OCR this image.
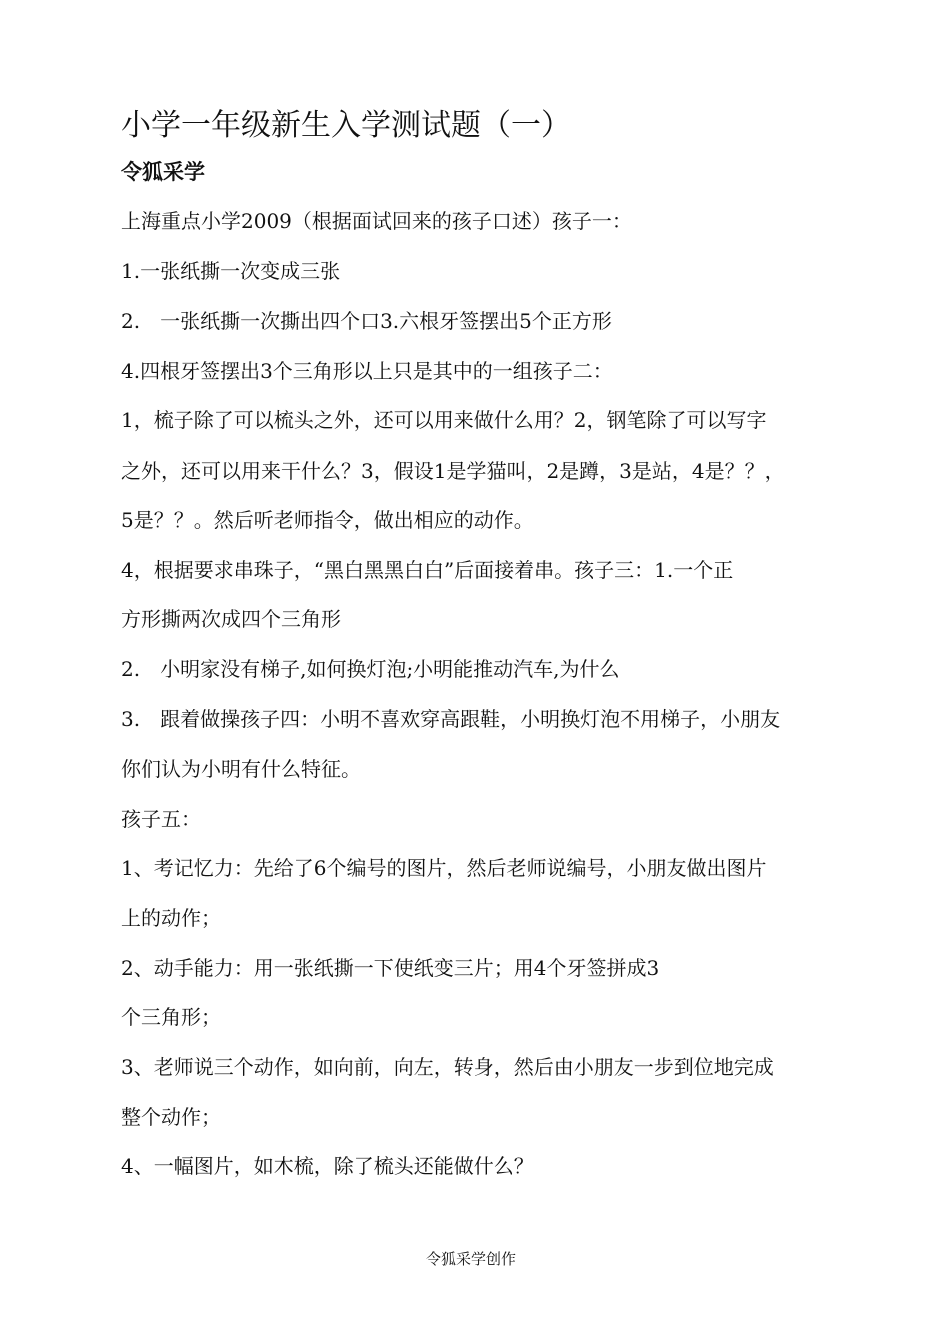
小学一年级新生入学测试题（一）
令狐采学

上海重点小学2009（根据面试回来的孩子口述）孩子一：

1.一张纸撕一次变成三张

2.　一张纸撕一次撕出四个口3.六根牙签摆出5个正方形

4.四根牙签摆出3个三角形以上只是其中的一组孩子二：

1，梳子除了可以梳头之外，还可以用来做什么用？2，钢笔除了可以写字

之外，还可以用来干什么？3，假设1是学猫叫，2是蹲，3是站，4是？？，

5是？？。然后听老师指令，做出相应的动作。

4，根据要求串珠子，“黑白黑黑白白”后面接着串。孩子三：1.一个正

方形撕两次成四个三角形

2.　小明家没有梯子,如何换灯泡;小明能推动汽车,为什么

3.　跟着做操孩子四：小明不喜欢穿高跟鞋，小明换灯泡不用梯子，小朋友

你们认为小明有什么特征。

孩子五：

1、考记忆力：先给了6个编号的图片，然后老师说编号，小朋友做出图片

上的动作；

2、动手能力：用一张纸撕一下使纸变三片；用4个牙签拼成3

个三角形；

3、老师说三个动作，如向前，向左，转身，然后由小朋友一步到位地完成

整个动作；

4、一幅图片，如木梳，除了梳头还能做什么？

令狐采学创作
